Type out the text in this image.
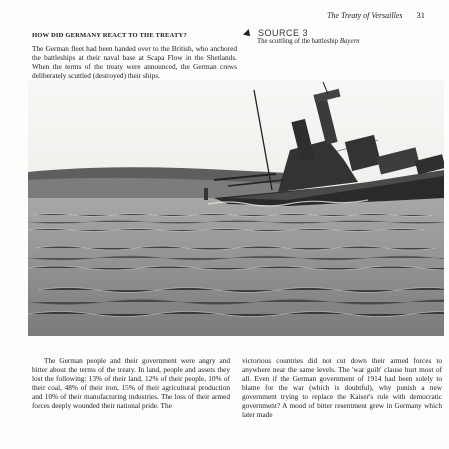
The Treaty of Versailles 31
HOW DID GERMANY REACT TO THE TREATY?
The German fleet had been handed over to the British, who anchored the battleships at their naval base at Scapa Flow in the Shetlands. When the terms of the treaty were announced, the German crews deliberately scuttled (destroyed) their ships.
SOURCE 3
The scuttling of the battleship Bayern
The German people and their government were angry and bitter about the terms of the treaty. In land, people and assets they lost the following: 13% of their land, 12% of their people, 10% of their coal, 48% of their iron, 15% of their agricultural production and 10% of their manufacturing industries. The loss of their armed forces deeply wounded their national pride. The
victorious countries did not cut down their armed forces to anywhere near the same levels. The 'war guilt' clause hurt most of all. Even if the German government of 1914 had been solely to blame for the war (which is doubtful), why punish a new government trying to replace the Kaiser's rule with democratic government? A mood of bitter resentment grew in Germany which later made
